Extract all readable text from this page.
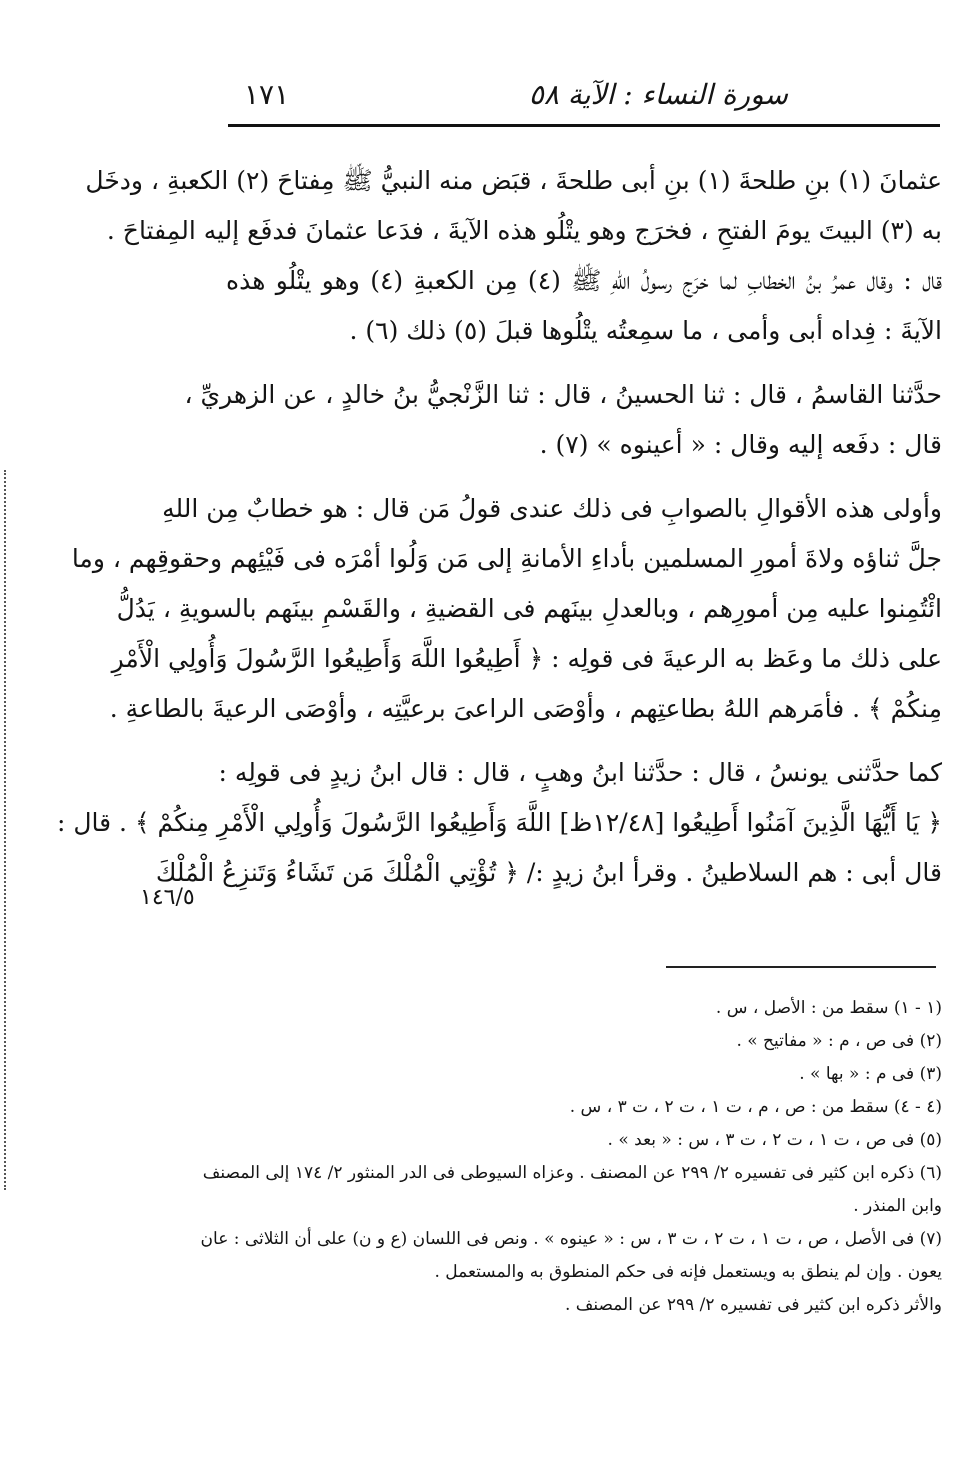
سورة النساء : الآية ٥٨
١٧١
عثمانَ (١) بنِ طلحةَ (١) بنِ أبى طلحةَ ، قبَض منه النبيُّ ﷺ مِفتاحَ (٢) الكعبةِ ، ودخَل
به (٣) البيتَ يومَ الفتحِ ، فخرَج وهو يتْلُو هذه الآيةَ ، فدَعا عثمانَ فدفَع إليه المِفتاحَ .
قال : وقال عمرُ بنُ الخطابِ لما خرَج رسولُ اللهِ ﷺ (٤) مِن الكعبةِ (٤) وهو يتْلُو هذه
الآيةَ : فِداه أبى وأمى ، ما سمِعتُه يتْلُوها قبلَ (٥) ذلك (٦) .
حدَّثنا القاسمُ ، قال : ثنا الحسينُ ، قال : ثنا الزَّنْجيُّ بنُ خالدٍ ، عن الزهريِّ ،
قال : دفَعه إليه وقال : « أعينوه » (٧) .
وأولى هذه الأقوالِ بالصوابِ فى ذلك عندى قولُ مَن قال : هو خطابٌ مِن اللهِ
جلَّ ثناؤه ولاةَ أمورِ المسلمين بأداءِ الأمانةِ إلى مَن وَلُوا أمْرَه فى فَيْئِهم وحقوقِهم ، وما
ائْتُمِنوا عليه مِن أمورِهم ، وبالعدلِ بينَهم فى القضيةِ ، والقَسْمِ بينَهم بالسويةِ ، يَدُلُّ
على ذلك ما وعَظ به الرعيةَ فى قولِه : ﴿ أَطِيعُوا اللَّهَ وَأَطِيعُوا الرَّسُولَ وَأُولِي الْأَمْرِ
مِنكُمْ ﴾ . فأمَرهم اللهُ بطاعتِهم ، وأوْصَى الراعىَ برعيَّتِه ، وأوْصَى الرعيةَ بالطاعةِ .
كما حدَّثنى يونسُ ، قال : حدَّثنا ابنُ وهبٍ ، قال : قال ابنُ زيدٍ فى قولِه :
﴿ يَا أَيُّهَا الَّذِينَ آمَنُوا أَطِيعُوا [١٢/٤٨ظ] اللَّهَ وَأَطِيعُوا الرَّسُولَ وَأُولِي الْأَمْرِ مِنكُمْ ﴾ . قال :
قال أبى : هم السلاطينُ . وقرأ ابنُ زيدٍ :/ ﴿ تُؤْتِي الْمُلْكَ مَن تَشَاءُ وَتَنزِعُ الْمُلْكَ
١٤٦/٥
(١ - ١) سقط من : الأصل ، س .
(٢) فى ص ، م : « مفاتيح » .
(٣) فى م : « بها » .
(٤ - ٤) سقط من : ص ، م ، ت ١ ، ت ٢ ، ت ٣ ، س .
(٥) فى ص ، ت ١ ، ت ٢ ، ت ٣ ، س : « بعد » .
(٦) ذكره ابن كثير فى تفسيره ٢/ ٢٩٩ عن المصنف . وعزاه السيوطى فى الدر المنثور ٢/ ١٧٤ إلى المصنف
وابن المنذر .
(٧) فى الأصل ، ص ، ت ١ ، ت ٢ ، ت ٣ ، س : « عينوه » . ونص فى اللسان (ع و ن) على أن الثلاثى : عان
يعون . وإن لم ينطق به ويستعمل فإنه فى حكم المنطوق به والمستعمل .
والأثر ذكره ابن كثير فى تفسيره ٢/ ٢٩٩ عن المصنف .
